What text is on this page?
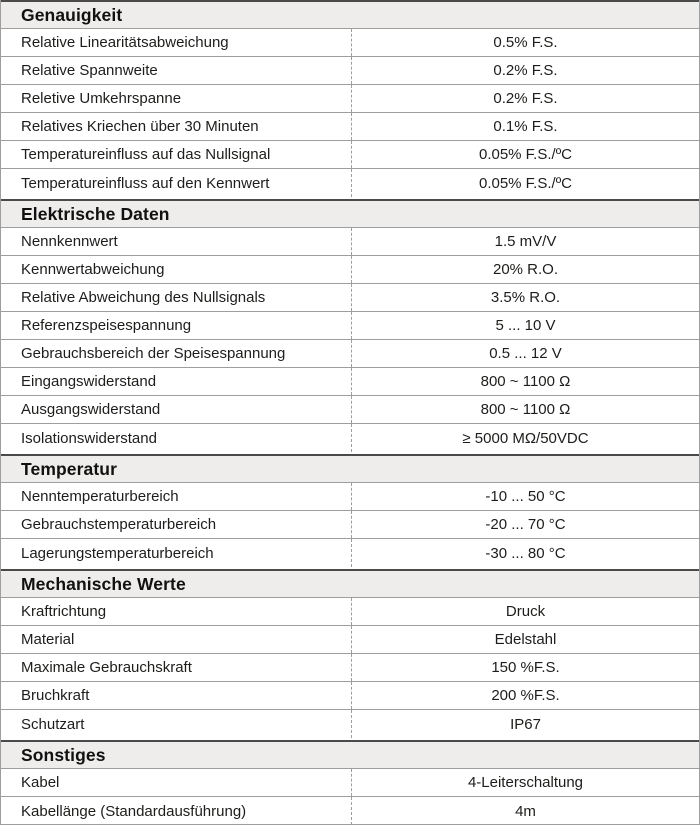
Genauigkeit
Relative Linearitätsabweichung	0.5% F.S.
Relative Spannweite	0.2% F.S.
Reletive Umkehrspanne	0.2% F.S.
Relatives Kriechen über 30 Minuten	0.1% F.S.
Temperatureinfluss auf das Nullsignal	0.05% F.S./ºC
Temperatureinfluss auf den Kennwert	0.05% F.S./ºC
Elektrische Daten
Nennkennwert	1.5 mV/V
Kennwertabweichung	20% R.O.
Relative Abweichung des Nullsignals	3.5% R.O.
Referenzspeisespannung	5 ... 10 V
Gebrauchsbereich der Speisespannung	0.5 ... 12 V
Eingangswiderstand	800 ~ 1100 Ω
Ausgangswiderstand	800 ~ 1100 Ω
Isolationswiderstand	≥ 5000 MΩ/50VDC
Temperatur
Nenntemperaturbereich	-10 ... 50 °C
Gebrauchstemperaturbereich	-20 ... 70 °C
Lagerungstemperaturbereich	-30 ... 80 °C
Mechanische Werte
Kraftrichtung	Druck
Material	Edelstahl
Maximale Gebrauchskraft	150 %F.S.
Bruchkraft	200 %F.S.
Schutzart	IP67
Sonstiges
Kabel	4-Leiterschaltung
Kabellänge (Standardausführung)	4m
